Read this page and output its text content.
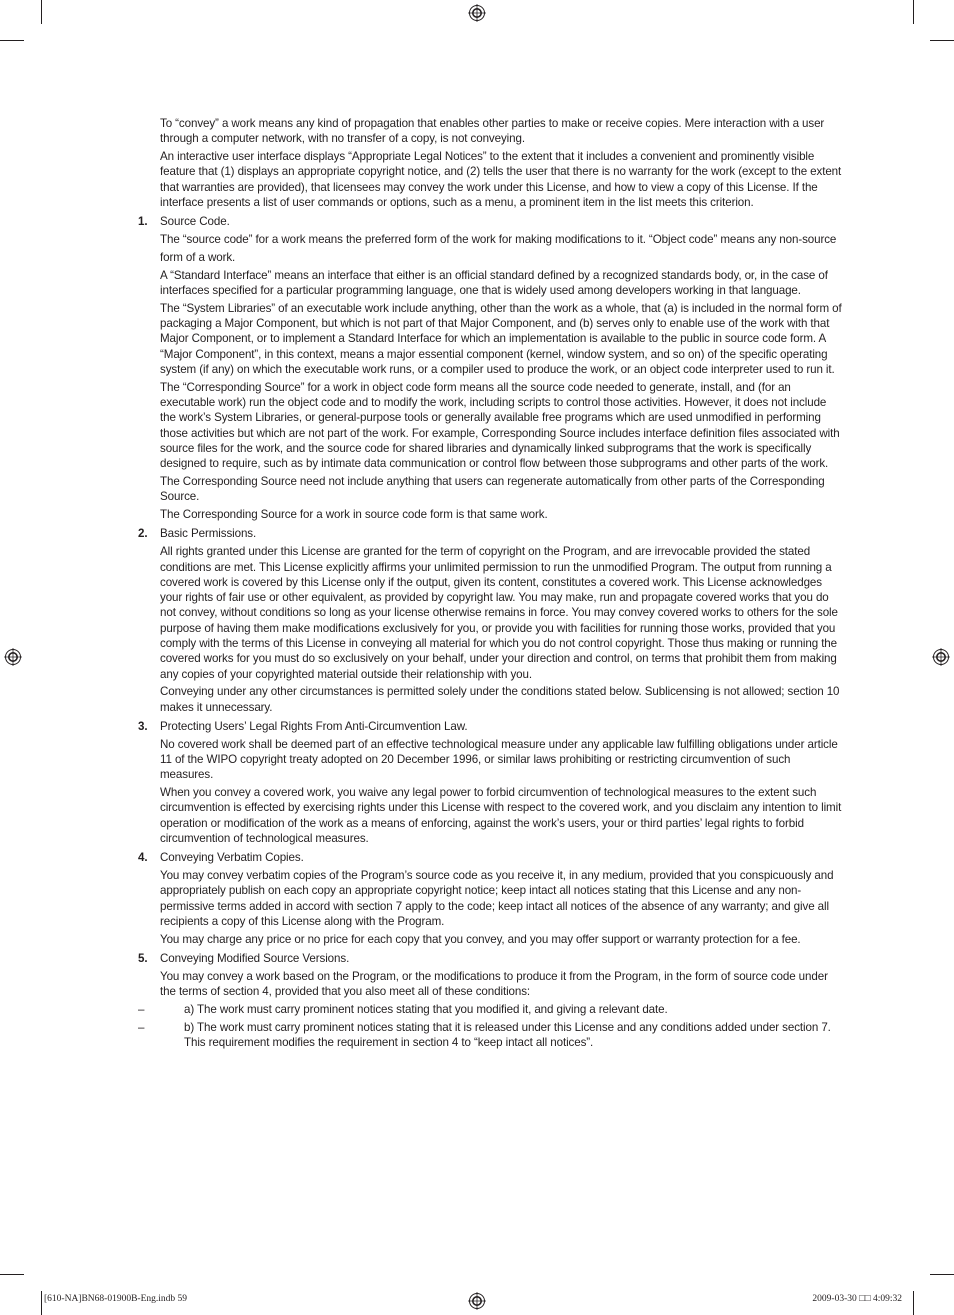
To “convey” a work means any kind of propagation that enables other parties to make or receive copies. Mere interaction with a user through a computer network, with no transfer of a copy, is not conveying.

An interactive user interface displays “Appropriate Legal Notices” to the extent that it includes a convenient and prominently visible feature that (1) displays an appropriate copyright notice, and (2) tells the user that there is no warranty for the work (except to the extent that warranties are provided), that licensees may convey the work under this License, and how to view a copy of this License. If the interface presents a list of user commands or options, such as a menu, a prominent item in the list meets this criterion.

1. Source Code.

The “source code” for a work means the preferred form of the work for making modifications to it. “Object code” means any non-source

form of a work.

A “Standard Interface” means an interface that either is an official standard defined by a recognized standards body, or, in the case of interfaces specified for a particular programming language, one that is widely used among developers working in that language.

The “System Libraries” of an executable work include anything, other than the work as a whole, that (a) is included in the normal form of packaging a Major Component, but which is not part of that Major Component, and (b) serves only to enable use of the work with that Major Component, or to implement a Standard Interface for which an implementation is available to the public in source code form. A “Major Component”, in this context, means a major essential component (kernel, window system, and so on) of the specific operating system (if any) on which the executable work runs, or a compiler used to produce the work, or an object code interpreter used to run it.

The “Corresponding Source” for a work in object code form means all the source code needed to generate, install, and (for an executable work) run the object code and to modify the work, including scripts to control those activities. However, it does not include the work’s System Libraries, or general-purpose tools or generally available free programs which are used unmodified in performing those activities but which are not part of the work. For example, Corresponding Source includes interface definition files associated with source files for the work, and the source code for shared libraries and dynamically linked subprograms that the work is specifically designed to require, such as by intimate data communication or control flow between those subprograms and other parts of the work.

The Corresponding Source need not include anything that users can regenerate automatically from other parts of the Corresponding Source.

The Corresponding Source for a work in source code form is that same work.

2. Basic Permissions.

All rights granted under this License are granted for the term of copyright on the Program, and are irrevocable provided the stated conditions are met. This License explicitly affirms your unlimited permission to run the unmodified Program. The output from running a covered work is covered by this License only if the output, given its content, constitutes a covered work. This License acknowledges your rights of fair use or other equivalent, as provided by copyright law. You may make, run and propagate covered works that you do not convey, without conditions so long as your license otherwise remains in force. You may convey covered works to others for the sole purpose of having them make modifications exclusively for you, or provide you with facilities for running those works, provided that you comply with the terms of this License in conveying all material for which you do not control copyright. Those thus making or running the covered works for you must do so exclusively on your behalf, under your direction and control, on terms that prohibit them from making any copies of your copyrighted material outside their relationship with you.

Conveying under any other circumstances is permitted solely under the conditions stated below. Sublicensing is not allowed; section 10 makes it unnecessary.

3. Protecting Users’ Legal Rights From Anti-Circumvention Law.

No covered work shall be deemed part of an effective technological measure under any applicable law fulfilling obligations under article 11 of the WIPO copyright treaty adopted on 20 December 1996, or similar laws prohibiting or restricting circumvention of such measures.

When you convey a covered work, you waive any legal power to forbid circumvention of technological measures to the extent such circumvention is effected by exercising rights under this License with respect to the covered work, and you disclaim any intention to limit operation or modification of the work as a means of enforcing, against the work’s users, your or third parties’ legal rights to forbid circumvention of technological measures.

4. Conveying Verbatim Copies.

You may convey verbatim copies of the Program’s source code as you receive it, in any medium, provided that you conspicuously and appropriately publish on each copy an appropriate copyright notice; keep intact all notices stating that this License and any non-permissive terms added in accord with section 7 apply to the code; keep intact all notices of the absence of any warranty; and give all recipients a copy of this License along with the Program.

You may charge any price or no price for each copy that you convey, and you may offer support or warranty protection for a fee.

5. Conveying Modified Source Versions.

You may convey a work based on the Program, or the modifications to produce it from the Program, in the form of source code under the terms of section 4, provided that you also meet all of these conditions:

–	a) The work must carry prominent notices stating that you modified it, and giving a relevant date.
–	b) The work must carry prominent notices stating that it is released under this License and any conditions added under section 7. This requirement modifies the requirement in section 4 to “keep intact all notices”.
[610-NA]BN68-01900B-Eng.indb 59	2009-03-30 □□ 4:09:32
